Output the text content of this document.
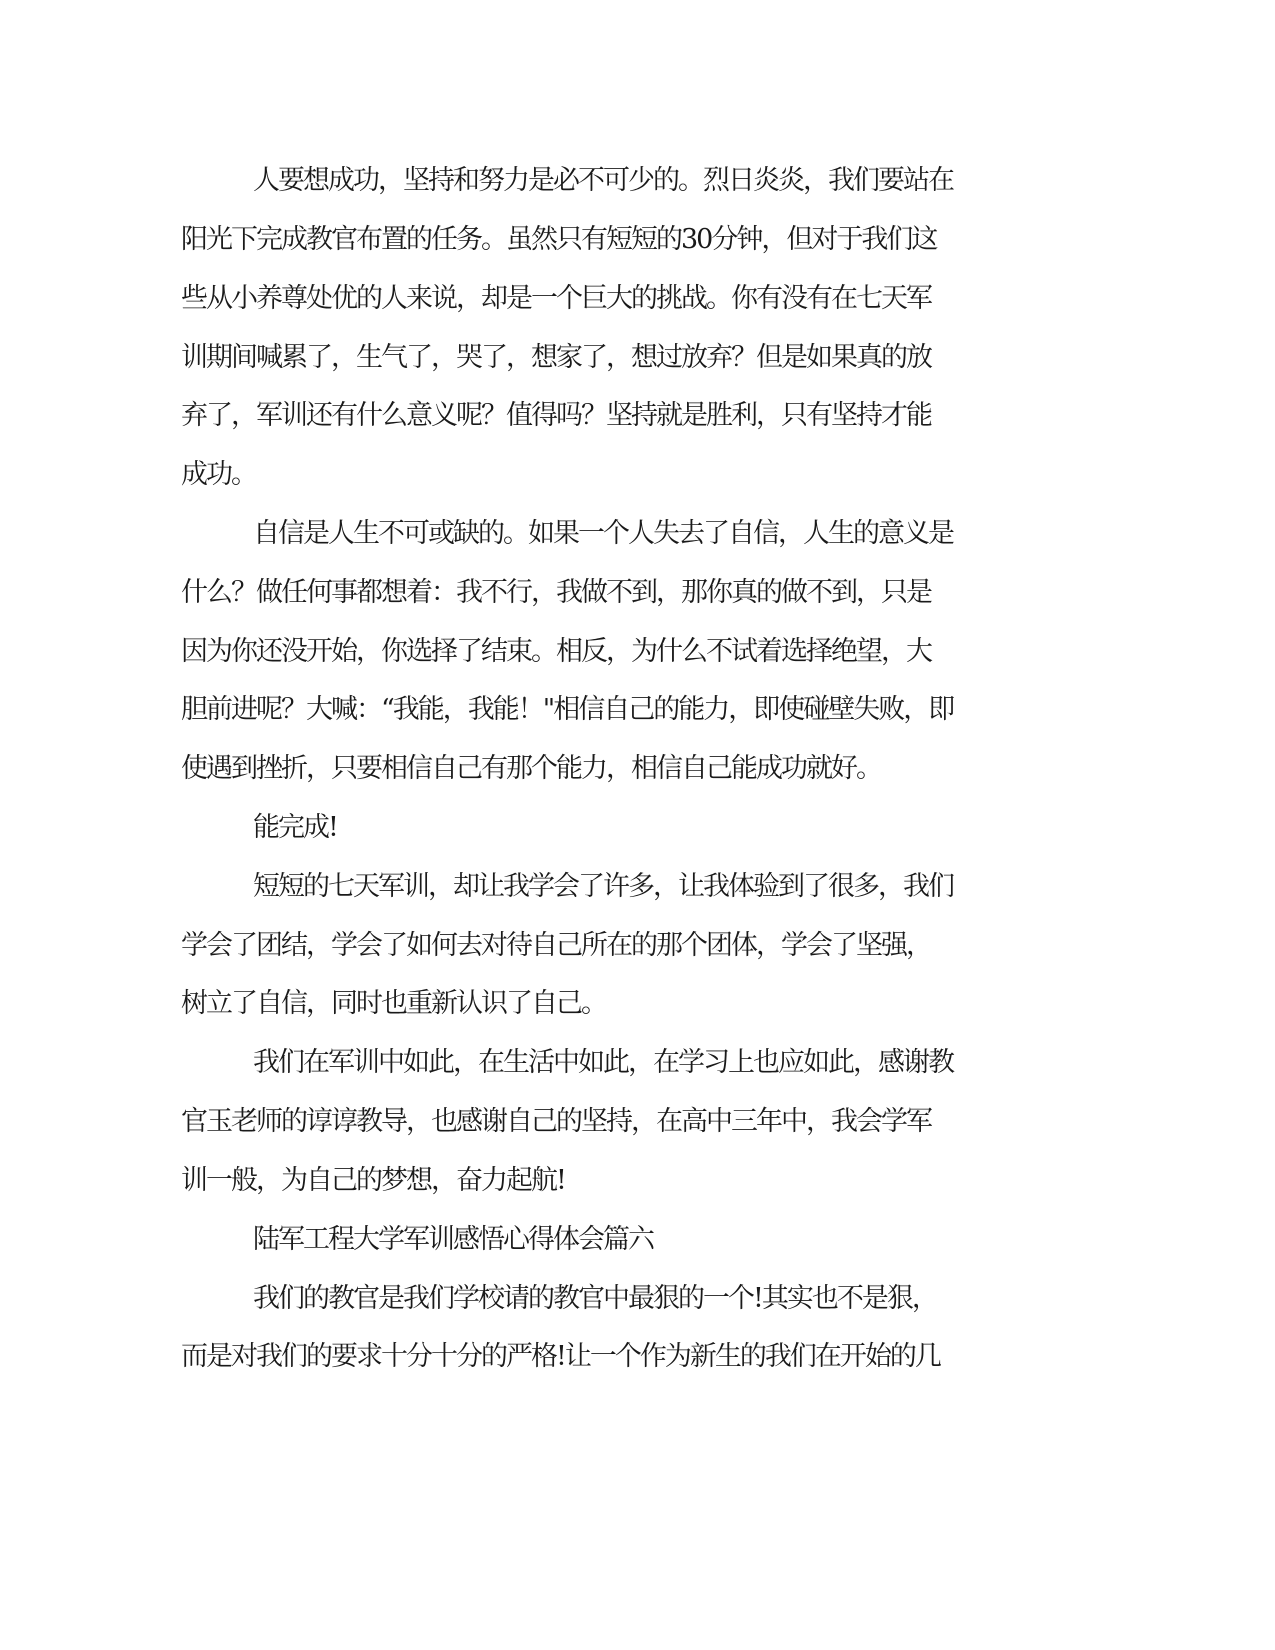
人要想成功，坚持和努力是必不可少的。烈日炎炎，我们要站在
阳光下完成教官布置的任务。虽然只有短短的30分钟，但对于我们这
些从小养尊处优的人来说，却是一个巨大的挑战。你有没有在七天军
训期间喊累了，生气了，哭了，想家了，想过放弃？但是如果真的放
弃了，军训还有什么意义呢？值得吗？坚持就是胜利，只有坚持才能
成功。
自信是人生不可或缺的。如果一个人失去了自信，人生的意义是
什么？做任何事都想着：我不行，我做不到，那你真的做不到，只是
因为你还没开始，你选择了结束。相反，为什么不试着选择绝望，大
胆前进呢？大喊：“我能，我能！"相信自己的能力，即使碰壁失败，即
使遇到挫折，只要相信自己有那个能力，相信自己能成功就好。
能完成!
短短的七天军训，却让我学会了许多，让我体验到了很多，我们
学会了团结，学会了如何去对待自己所在的那个团体，学会了坚强，
树立了自信，同时也重新认识了自己。
我们在军训中如此，在生活中如此，在学习上也应如此，感谢教
官玉老师的谆谆教导，也感谢自己的坚持，在高中三年中，我会学军
训一般，为自己的梦想，奋力起航!
陆军工程大学军训感悟心得体会篇六
我们的教官是我们学校请的教官中最狠的一个!其实也不是狠，
而是对我们的要求十分十分的严格!让一个作为新生的我们在开始的几
